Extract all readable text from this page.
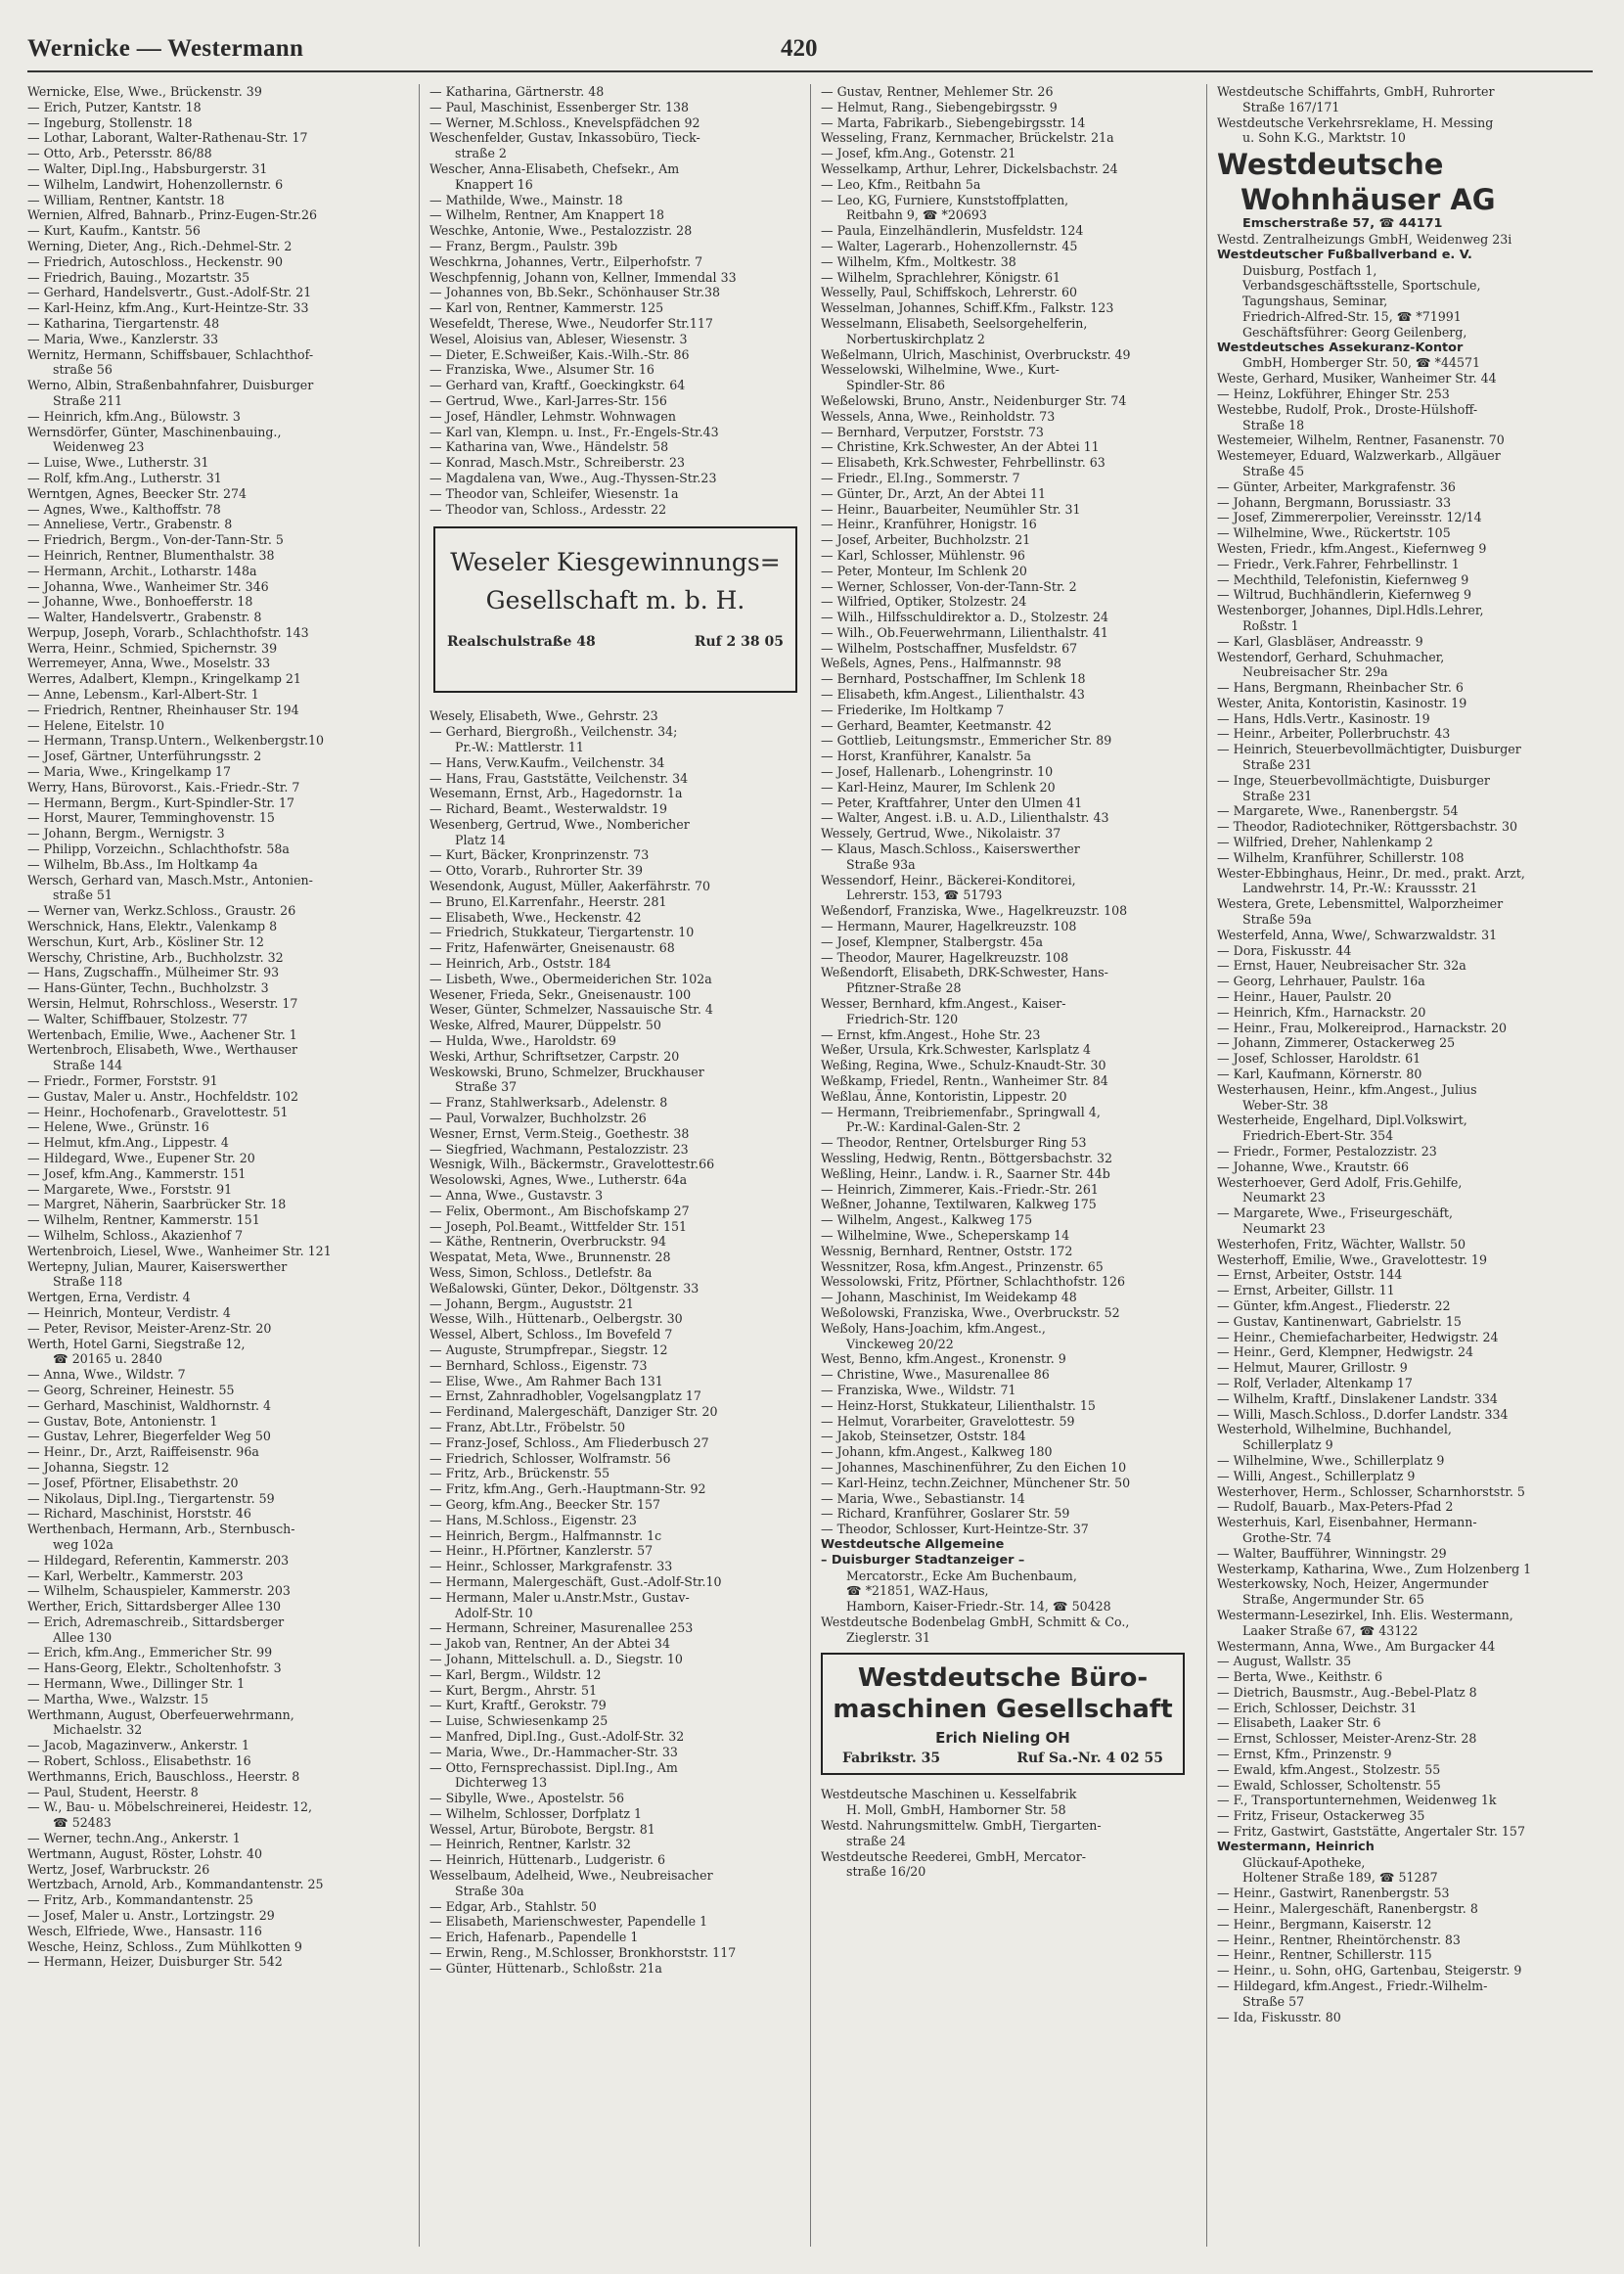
Wernicke — Westermann	420
Wernicke, Else, Wwe., Brückenstr. 39
— Erich, Putzer, Kantstr. 18
— Ingeburg, Stollenstr. 18
— Lothar, Laborant, Walter-Rathenau-Str. 17
— Otto, Arb., Petersstr. 86/88
— Walter, Dipl.Ing., Habsburgerstr. 31
— Wilhelm, Landwirt, Hohenzollernstr. 6
— William, Rentner, Kantstr. 18
Wernien, Alfred, Bahnarb., Prinz-Eugen-Str.26
— Kurt, Kaufm., Kantstr. 56
Werning, Dieter, Ang., Rich.-Dehmel-Str. 2
— Friedrich, Autoschloss., Heckenstr. 90
— Friedrich, Bauing., Mozartstr. 35
— Gerhard, Handelsvertr., Gust.-Adolf-Str. 21
— Karl-Heinz, kfm.Ang., Kurt-Heintze-Str. 33
— Katharina, Tiergartenstr. 48
— Maria, Wwe., Kanzlerstr. 33
Wernitz, Hermann, Schiffsbauer, Schlachthof-
straße 56
Werno, Albin, Straßenbahnfahrer, Duisburger
Straße 211
— Heinrich, kfm.Ang., Bülowstr. 3
Wernsdörfer, Günter, Maschinenbauing.,
Weidenweg 23
— Luise, Wwe., Lutherstr. 31
— Rolf, kfm.Ang., Lutherstr. 31
Werntgen, Agnes, Beecker Str. 274
— Agnes, Wwe., Kalthoffstr. 78
— Anneliese, Vertr., Grabenstr. 8
— Friedrich, Bergm., Von-der-Tann-Str. 5
— Heinrich, Rentner, Blumenthalstr. 38
— Hermann, Archit., Lotharstr. 148a
— Johanna, Wwe., Wanheimer Str. 346
— Johanne, Wwe., Bonhoefferstr. 18
— Walter, Handelsvertr., Grabenstr. 8
Werpup, Joseph, Vorarb., Schlachthofstr. 143
Werra, Heinr., Schmied, Spichernstr. 39
Werremeyer, Anna, Wwe., Moselstr. 33
Werres, Adalbert, Klempn., Kringelkamp 21
— Anne, Lebensm., Karl-Albert-Str. 1
— Friedrich, Rentner, Rheinhauser Str. 194
— Helene, Eitelstr. 10
— Hermann, Transp.Untern., Welkenbergstr.10
— Josef, Gärtner, Unterführungsstr. 2
— Maria, Wwe., Kringelkamp 17
Werry, Hans, Bürovorst., Kais.-Friedr.-Str. 7
— Hermann, Bergm., Kurt-Spindler-Str. 17
— Horst, Maurer, Temminghovenstr. 15
— Johann, Bergm., Wernigstr. 3
— Philipp, Vorzeichn., Schlachthofstr. 58a
— Wilhelm, Bb.Ass., Im Holtkamp 4a
Wersch, Gerhard van, Masch.Mstr., Antonien-
straße 51
— Werner van, Werkz.Schloss., Graustr. 26
Werschnick, Hans, Elektr., Valenkamp 8
Werschun, Kurt, Arb., Kösliner Str. 12
Werschy, Christine, Arb., Buchholzstr. 32
— Hans, Zugschaffn., Mülheimer Str. 93
— Hans-Günter, Techn., Buchholzstr. 3
Wersin, Helmut, Rohrschloss., Weserstr. 17
— Walter, Schiffbauer, Stolzestr. 77
Wertenbach, Emilie, Wwe., Aachener Str. 1
Wertenbroch, Elisabeth, Wwe., Werthauser
Straße 144
— Friedr., Former, Forststr. 91
— Gustav, Maler u. Anstr., Hochfeldstr. 102
— Heinr., Hochofenarb., Gravelottestr. 51
— Helene, Wwe., Grünstr. 16
— Helmut, kfm.Ang., Lippestr. 4
— Hildegard, Wwe., Eupener Str. 20
— Josef, kfm.Ang., Kammerstr. 151
— Margarete, Wwe., Forststr. 91
— Margret, Näherin, Saarbrücker Str. 18
— Wilhelm, Rentner, Kammerstr. 151
— Wilhelm, Schloss., Akazienhof 7
Wertenbroich, Liesel, Wwe., Wanheimer Str. 121
Wertepny, Julian, Maurer, Kaiserswerther
Straße 118
Wertgen, Erna, Verdistr. 4
— Heinrich, Monteur, Verdistr. 4
— Peter, Revisor, Meister-Arenz-Str. 20
Werth, Hotel Garni, Siegstraße 12,
☎ 20165 u. 2840
— Anna, Wwe., Wildstr. 7
— Georg, Schreiner, Heinestr. 55
— Gerhard, Maschinist, Waldhornstr. 4
— Gustav, Bote, Antonienstr. 1
— Gustav, Lehrer, Biegerfelder Weg 50
— Heinr., Dr., Arzt, Raiffeisenstr. 96a
— Johanna, Siegstr. 12
— Josef, Pförtner, Elisabethstr. 20
— Nikolaus, Dipl.Ing., Tiergartenstr. 59
— Richard, Maschinist, Horststr. 46
Werthenbach, Hermann, Arb., Sternbusch-
weg 102a
— Hildegard, Referentin, Kammerstr. 203
— Karl, Werbeltr., Kammerstr. 203
— Wilhelm, Schauspieler, Kammerstr. 203
Werther, Erich, Sittardsberger Allee 130
— Erich, Adremaschreib., Sittardsberger
Allee 130
— Erich, kfm.Ang., Emmericher Str. 99
— Hans-Georg, Elektr., Scholtenhofstr. 3
— Hermann, Wwe., Dillinger Str. 1
— Martha, Wwe., Walzstr. 15
Werthmann, August, Oberfeuerwehrmann,
Michaelstr. 32
— Jacob, Magazinverw., Ankerstr. 1
— Robert, Schloss., Elisabethstr. 16
Werthmanns, Erich, Bauschloss., Heerstr. 8
— Paul, Student, Heerstr. 8
— W., Bau- u. Möbelschreinerei, Heidestr. 12,
☎ 52483
— Werner, techn.Ang., Ankerstr. 1
Wertmann, August, Röster, Lohstr. 40
Wertz, Josef, Warbruckstr. 26
Wertzbach, Arnold, Arb., Kommandantenstr. 25
— Fritz, Arb., Kommandantenstr. 25
— Josef, Maler u. Anstr., Lortzingstr. 29
Wesch, Elfriede, Wwe., Hansastr. 116
Wesche, Heinz, Schloss., Zum Mühlkotten 9
— Hermann, Heizer, Duisburger Str. 542
— Katharina, Gärtnerstr. 48
— Paul, Maschinist, Essenberger Str. 138
— Werner, M.Schloss., Knevelspfädchen 92
Weschenfelder, Gustav, Inkassobüro, Tieck-
straße 2
Wescher, Anna-Elisabeth, Chefsekr., Am
Knappert 16
— Mathilde, Wwe., Mainstr. 18
— Wilhelm, Rentner, Am Knappert 18
Weschke, Antonie, Wwe., Pestalozzistr. 28
— Franz, Bergm., Paulstr. 39b
Weschkrna, Johannes, Vertr., Eilperhofstr. 7
Weschpfennig, Johann von, Kellner, Immendal 33
— Johannes von, Bb.Sekr., Schönhauser Str.38
— Karl von, Rentner, Kammerstr. 125
Wesefeldt, Therese, Wwe., Neudorfer Str.117
Wesel, Aloisius van, Ableser, Wiesenstr. 3
— Dieter, E.Schweißer, Kais.-Wilh.-Str. 86
— Franziska, Wwe., Alsumer Str. 16
— Gerhard van, Kraftf., Goeckingkstr. 64
— Gertrud, Wwe., Karl-Jarres-Str. 156
— Josef, Händler, Lehmstr. Wohnwagen
— Karl van, Klempn. u. Inst., Fr.-Engels-Str.43
— Katharina van, Wwe., Händelstr. 58
— Konrad, Masch.Mstr., Schreiberstr. 23
— Magdalena van, Wwe., Aug.-Thyssen-Str.23
— Theodor van, Schleifer, Wiesenstr. 1a
— Theodor van, Schloss., Ardesstr. 22
Weseler Kiesgewinnungs=
Gesellschaft m. b. H.
Realschulstraße 48	Ruf 2 38 05
Wesely, Elisabeth, Wwe., Gehrstr. 23
— Gerhard, Biergroßh., Veilchenstr. 34;
Pr.-W.: Mattlerstr. 11
— Hans, Verw.Kaufm., Veilchenstr. 34
— Hans, Frau, Gaststätte, Veilchenstr. 34
Wesemann, Ernst, Arb., Hagedornstr. 1a
— Richard, Beamt., Westerwaldstr. 19
Wesenberg, Gertrud, Wwe., Nombericher
Platz 14
— Kurt, Bäcker, Kronprinzenstr. 73
— Otto, Vorarb., Ruhrorter Str. 39
Wesendonk, August, Müller, Aakerfährstr. 70
— Bruno, El.Karrenfahr., Heerstr. 281
— Elisabeth, Wwe., Heckenstr. 42
— Friedrich, Stukkateur, Tiergartenstr. 10
— Fritz, Hafenwärter, Gneisenaustr. 68
— Heinrich, Arb., Oststr. 184
— Lisbeth, Wwe., Obermeiderichen Str. 102a
Wesener, Frieda, Sekr., Gneisenaustr. 100
Weser, Günter, Schmelzer, Nassauische Str. 4
Weske, Alfred, Maurer, Düppelstr. 50
— Hulda, Wwe., Haroldstr. 69
Weski, Arthur, Schriftsetzer, Carpstr. 20
Weskowski, Bruno, Schmelzer, Bruckhauser
Straße 37
— Franz, Stahlwerksarb., Adelenstr. 8
— Paul, Vorwalzer, Buchholzstr. 26
Wesner, Ernst, Verm.Steig., Goethestr. 38
— Siegfried, Wachmann, Pestalozzistr. 23
Wesnigk, Wilh., Bäckermstr., Gravelottestr.66
Wesolowski, Agnes, Wwe., Lutherstr. 64a
— Anna, Wwe., Gustavstr. 3
— Felix, Obermont., Am Bischofskamp 27
— Joseph, Pol.Beamt., Wittfelder Str. 151
— Käthe, Rentnerin, Overbruckstr. 94
Wespatat, Meta, Wwe., Brunnenstr. 28
Wess, Simon, Schloss., Detlefstr. 8a
Weßalowski, Günter, Dekor., Döltgenstr. 33
— Johann, Bergm., Auguststr. 21
Wesse, Wilh., Hüttenarb., Oelbergstr. 30
Wessel, Albert, Schloss., Im Bovefeld 7
— Auguste, Strumpfrepar., Siegstr. 12
— Bernhard, Schloss., Eigenstr. 73
— Elise, Wwe., Am Rahmer Bach 131
— Ernst, Zahnradhobler, Vogelsangplatz 17
— Ferdinand, Malergeschäft, Danziger Str. 20
— Franz, Abt.Ltr., Fröbelstr. 50
— Franz-Josef, Schloss., Am Fliederbusch 27
— Friedrich, Schlosser, Wolframstr. 56
— Fritz, Arb., Brückenstr. 55
— Fritz, kfm.Ang., Gerh.-Hauptmann-Str. 92
— Georg, kfm.Ang., Beecker Str. 157
— Hans, M.Schloss., Eigenstr. 23
— Heinrich, Bergm., Halfmannstr. 1c
— Heinr., H.Pförtner, Kanzlerstr. 57
— Heinr., Schlosser, Markgrafenstr. 33
— Hermann, Malergeschäft, Gust.-Adolf-Str.10
— Hermann, Maler u.Anstr.Mstr., Gustav-
Adolf-Str. 10
— Hermann, Schreiner, Masurenallee 253
— Jakob van, Rentner, An der Abtei 34
— Johann, Mittelschull. a. D., Siegstr. 10
— Karl, Bergm., Wildstr. 12
— Kurt, Bergm., Ahrstr. 51
— Kurt, Kraftf., Gerokstr. 79
— Luise, Schwiesenkamp 25
— Manfred, Dipl.Ing., Gust.-Adolf-Str. 32
— Maria, Wwe., Dr.-Hammacher-Str. 33
— Otto, Fernsprechassist. Dipl.Ing., Am
Dichterweg 13
— Sibylle, Wwe., Apostelstr. 56
— Wilhelm, Schlosser, Dorfplatz 1
Wessel, Artur, Bürobote, Bergstr. 81
— Heinrich, Rentner, Karlstr. 32
— Heinrich, Hüttenarb., Ludgeristr. 6
Wesselbaum, Adelheid, Wwe., Neubreisacher
Straße 30a
— Edgar, Arb., Stahlstr. 50
— Elisabeth, Marienschwester, Papendelle 1
— Erich, Hafenarb., Papendelle 1
— Erwin, Reng., M.Schlosser, Bronkhorststr. 117
— Günter, Hüttenarb., Schloßstr. 21a
— Gustav, Rentner, Mehlemer Str. 26
— Helmut, Rang., Siebengebirgsstr. 9
— Marta, Fabrikarb., Siebengebirgsstr. 14
Wesseling, Franz, Kernmacher, Brückelstr. 21a
— Josef, kfm.Ang., Gotenstr. 21
Wesselkamp, Arthur, Lehrer, Dickelsbachstr. 24
— Leo, Kfm., Reitbahn 5a
— Leo, KG, Furniere, Kunststoffplatten,
Reitbahn 9, ☎ *20693
— Paula, Einzelhändlerin, Musfeldstr. 124
— Walter, Lagerarb., Hohenzollernstr. 45
— Wilhelm, Kfm., Moltkestr. 38
— Wilhelm, Sprachlehrer, Königstr. 61
Wesselly, Paul, Schiffskoch, Lehrerstr. 60
Wesselman, Johannes, Schiff.Kfm., Falkstr. 123
Wesselmann, Elisabeth, Seelsorgehelferin,
Norbertuskirchplatz 2
Weßelmann, Ulrich, Maschinist, Overbruckstr. 49
Wesselowski, Wilhelmine, Wwe., Kurt-
Spindler-Str. 86
Weßelowski, Bruno, Anstr., Neidenburger Str. 74
Wessels, Anna, Wwe., Reinholdstr. 73
— Bernhard, Verputzer, Forststr. 73
— Christine, Krk.Schwester, An der Abtei 11
— Elisabeth, Krk.Schwester, Fehrbellinstr. 63
— Friedr., El.Ing., Sommerstr. 7
— Günter, Dr., Arzt, An der Abtei 11
— Heinr., Bauarbeiter, Neumühler Str. 31
— Heinr., Kranführer, Honigstr. 16
— Josef, Arbeiter, Buchholzstr. 21
— Karl, Schlosser, Mühlenstr. 96
— Peter, Monteur, Im Schlenk 20
— Werner, Schlosser, Von-der-Tann-Str. 2
— Wilfried, Optiker, Stolzestr. 24
— Wilh., Hilfsschuldirektor a. D., Stolzestr. 24
— Wilh., Ob.Feuerwehrmann, Lilienthalstr. 41
— Wilhelm, Postschaffner, Musfeldstr. 67
Weßels, Agnes, Pens., Halfmannstr. 98
— Bernhard, Postschaffner, Im Schlenk 18
— Elisabeth, kfm.Angest., Lilienthalstr. 43
— Friederike, Im Holtkamp 7
— Gerhard, Beamter, Keetmanstr. 42
— Gottlieb, Leitungsmstr., Emmericher Str. 89
— Horst, Kranführer, Kanalstr. 5a
— Josef, Hallenarb., Lohengrinstr. 10
— Karl-Heinz, Maurer, Im Schlenk 20
— Peter, Kraftfahrer, Unter den Ulmen 41
— Walter, Angest. i.B. u. A.D., Lilienthalstr. 43
Wessely, Gertrud, Wwe., Nikolaistr. 37
— Klaus, Masch.Schloss., Kaiserswerther
Straße 93a
Wessendorf, Heinr., Bäckerei-Konditorei,
Lehrerstr. 153, ☎ 51793
Weßendorf, Franziska, Wwe., Hagelkreuzstr. 108
— Hermann, Maurer, Hagelkreuzstr. 108
— Josef, Klempner, Stalbergstr. 45a
— Theodor, Maurer, Hagelkreuzstr. 108
Weßendorft, Elisabeth, DRK-Schwester, Hans-
Pfitzner-Straße 28
Wesser, Bernhard, kfm.Angest., Kaiser-
Friedrich-Str. 120
— Ernst, kfm.Angest., Hohe Str. 23
Weßer, Ursula, Krk.Schwester, Karlsplatz 4
Weßing, Regina, Wwe., Schulz-Knaudt-Str. 30
Weßkamp, Friedel, Rentn., Wanheimer Str. 84
Weßlau, Änne, Kontoristin, Lippestr. 20
— Hermann, Treibriemenfabr., Springwall 4,
Pr.-W.: Kardinal-Galen-Str. 2
— Theodor, Rentner, Ortelsburger Ring 53
Wessling, Hedwig, Rentn., Böttgersbachstr. 32
Weßling, Heinr., Landw. i. R., Saarner Str. 44b
— Heinrich, Zimmerer, Kais.-Friedr.-Str. 261
Weßner, Johanne, Textilwaren, Kalkweg 175
— Wilhelm, Angest., Kalkweg 175
— Wilhelmine, Wwe., Scheperskamp 14
Wessnig, Bernhard, Rentner, Oststr. 172
Wessnitzer, Rosa, kfm.Angest., Prinzenstr. 65
Wessolowski, Fritz, Pförtner, Schlachthofstr. 126
— Johann, Maschinist, Im Weidekamp 48
Weßolowski, Franziska, Wwe., Overbruckstr. 52
Weßoly, Hans-Joachim, kfm.Angest.,
Vinckeweg 20/22
West, Benno, kfm.Angest., Kronenstr. 9
— Christine, Wwe., Masurenallee 86
— Franziska, Wwe., Wildstr. 71
— Heinz-Horst, Stukkateur, Lilienthalstr. 15
— Helmut, Vorarbeiter, Gravelottestr. 59
— Jakob, Steinsetzer, Oststr. 184
— Johann, kfm.Angest., Kalkweg 180
— Johannes, Maschinenführer, Zu den Eichen 10
— Karl-Heinz, techn.Zeichner, Münchener Str. 50
— Maria, Wwe., Sebastianstr. 14
— Richard, Kranführer, Goslarer Str. 59
— Theodor, Schlosser, Kurt-Heintze-Str. 37
Westdeutsche Allgemeine
– Duisburger Stadtanzeiger –
Mercatorstr., Ecke Am Buchenbaum,
☎ *21851, WAZ-Haus,
Hamborn, Kaiser-Friedr.-Str. 14, ☎ 50428
Westdeutsche Bodenbelag GmbH, Schmitt & Co.,
Zieglerstr. 31
Westdeutsche Büro-
maschinen Gesellschaft
Erich Nieling OH
Fabrikstr. 35	Ruf Sa.-Nr. 4 02 55
Westdeutsche Maschinen u. Kesselfabrik
H. Moll, GmbH, Hamborner Str. 58
Westd. Nahrungsmittelw. GmbH, Tiergarten-
straße 24
Westdeutsche Reederei, GmbH, Mercator-
straße 16/20
Westdeutsche Schiffahrts, GmbH, Ruhrorter
Straße 167/171
Westdeutsche Verkehrsreklame, H. Messing
u. Sohn K.G., Marktstr. 10
Westdeutsche
Wohnhäuser AG
Emscherstraße 57, ☎ 44171
Westd. Zentralheizungs GmbH, Weidenweg 23i
Westdeutscher Fußballverband e. V.
Duisburg, Postfach 1,
Verbandsgeschäftsstelle, Sportschule,
Tagungshaus, Seminar,
Friedrich-Alfred-Str. 15, ☎ *71991
Geschäftsführer: Georg Geilenberg,
Westdeutsches Assekuranz-Kontor
GmbH, Homberger Str. 50, ☎ *44571
Weste, Gerhard, Musiker, Wanheimer Str. 44
— Heinz, Lokführer, Ehinger Str. 253
Westebbe, Rudolf, Prok., Droste-Hülshoff-
Straße 18
Westemeier, Wilhelm, Rentner, Fasanenstr. 70
Westemeyer, Eduard, Walzwerkarb., Allgäuer
Straße 45
— Günter, Arbeiter, Markgrafenstr. 36
— Johann, Bergmann, Borussiastr. 33
— Josef, Zimmererpolier, Vereinsstr. 12/14
— Wilhelmine, Wwe., Rückertstr. 105
Westen, Friedr., kfm.Angest., Kiefernweg 9
— Friedr., Verk.Fahrer, Fehrbellinstr. 1
— Mechthild, Telefonistin, Kiefernweg 9
— Wiltrud, Buchhändlerin, Kiefernweg 9
Westenborger, Johannes, Dipl.Hdls.Lehrer,
Roßstr. 1
— Karl, Glasbläser, Andreasstr. 9
Westendorf, Gerhard, Schuhmacher,
Neubreisacher Str. 29a
— Hans, Bergmann, Rheinbacher Str. 6
Wester, Anita, Kontoristin, Kasinostr. 19
— Hans, Hdls.Vertr., Kasinostr. 19
— Heinr., Arbeiter, Pollerbruchstr. 43
— Heinrich, Steuerbevollmächtigter, Duisburger
Straße 231
— Inge, Steuerbevollmächtigte, Duisburger
Straße 231
— Margarete, Wwe., Ranenbergstr. 54
— Theodor, Radiotechniker, Röttgersbachstr. 30
— Wilfried, Dreher, Nahlenkamp 2
— Wilhelm, Kranführer, Schillerstr. 108
Wester-Ebbinghaus, Heinr., Dr. med., prakt. Arzt,
Landwehrstr. 14, Pr.-W.: Kraussstr. 21
Westera, Grete, Lebensmittel, Walporzheimer
Straße 59a
Westerfeld, Anna, Wwe/, Schwarzwaldstr. 31
— Dora, Fiskusstr. 44
— Ernst, Hauer, Neubreisacher Str. 32a
— Georg, Lehrhauer, Paulstr. 16a
— Heinr., Hauer, Paulstr. 20
— Heinrich, Kfm., Harnackstr. 20
— Heinr., Frau, Molkereiprod., Harnackstr. 20
— Johann, Zimmerer, Ostackerweg 25
— Josef, Schlosser, Haroldstr. 61
— Karl, Kaufmann, Körnerstr. 80
Westerhausen, Heinr., kfm.Angest., Julius
Weber-Str. 38
Westerheide, Engelhard, Dipl.Volkswirt,
Friedrich-Ebert-Str. 354
— Friedr., Former, Pestalozzistr. 23
— Johanne, Wwe., Krautstr. 66
Westerhoever, Gerd Adolf, Fris.Gehilfe,
Neumarkt 23
— Margarete, Wwe., Friseurgeschäft,
Neumarkt 23
Westerhofen, Fritz, Wächter, Wallstr. 50
Westerhoff, Emilie, Wwe., Gravelottestr. 19
— Ernst, Arbeiter, Oststr. 144
— Ernst, Arbeiter, Gillstr. 11
— Günter, kfm.Angest., Fliederstr. 22
— Gustav, Kantinenwart, Gabrielstr. 15
— Heinr., Chemiefacharbeiter, Hedwigstr. 24
— Heinr., Gerd, Klempner, Hedwigstr. 24
— Helmut, Maurer, Grillostr. 9
— Rolf, Verlader, Altenkamp 17
— Wilhelm, Kraftf., Dinslakener Landstr. 334
— Willi, Masch.Schloss., D.dorfer Landstr. 334
Westerhold, Wilhelmine, Buchhandel,
Schillerplatz 9
— Wilhelmine, Wwe., Schillerplatz 9
— Willi, Angest., Schillerplatz 9
Westerhover, Herm., Schlosser, Scharnhorststr. 5
— Rudolf, Bauarb., Max-Peters-Pfad 2
Westerhuis, Karl, Eisenbahner, Hermann-
Grothe-Str. 74
— Walter, Baufführer, Winningstr. 29
Westerkamp, Katharina, Wwe., Zum Holzenberg 1
Westerkowsky, Noch, Heizer, Angermunder
Straße, Angermunder Str. 65
Westermann-Lesezirkel, Inh. Elis. Westermann,
Laaker Straße 67, ☎ 43122
Westermann, Anna, Wwe., Am Burgacker 44
— August, Wallstr. 35
— Berta, Wwe., Keithstr. 6
— Dietrich, Bausmstr., Aug.-Bebel-Platz 8
— Erich, Schlosser, Deichstr. 31
— Elisabeth, Laaker Str. 6
— Ernst, Schlosser, Meister-Arenz-Str. 28
— Ernst, Kfm., Prinzenstr. 9
— Ewald, kfm.Angest., Stolzestr. 55
— Ewald, Schlosser, Scholtenstr. 55
— F., Transportunternehmen, Weidenweg 1k
— Fritz, Friseur, Ostackerweg 35
— Fritz, Gastwirt, Gaststätte, Angertaler Str. 157
Westermann, Heinrich
Glückauf-Apotheke,
Holtener Straße 189, ☎ 51287
— Heinr., Gastwirt, Ranenbergstr. 53
— Heinr., Malergeschäft, Ranenbergstr. 8
— Heinr., Bergmann, Kaiserstr. 12
— Heinr., Rentner, Rheintörchenstr. 83
— Heinr., Rentner, Schillerstr. 115
— Heinr., u. Sohn, oHG, Gartenbau, Steigerstr. 9
— Hildegard, kfm.Angest., Friedr.-Wilhelm-
Straße 57
— Ida, Fiskusstr. 80
